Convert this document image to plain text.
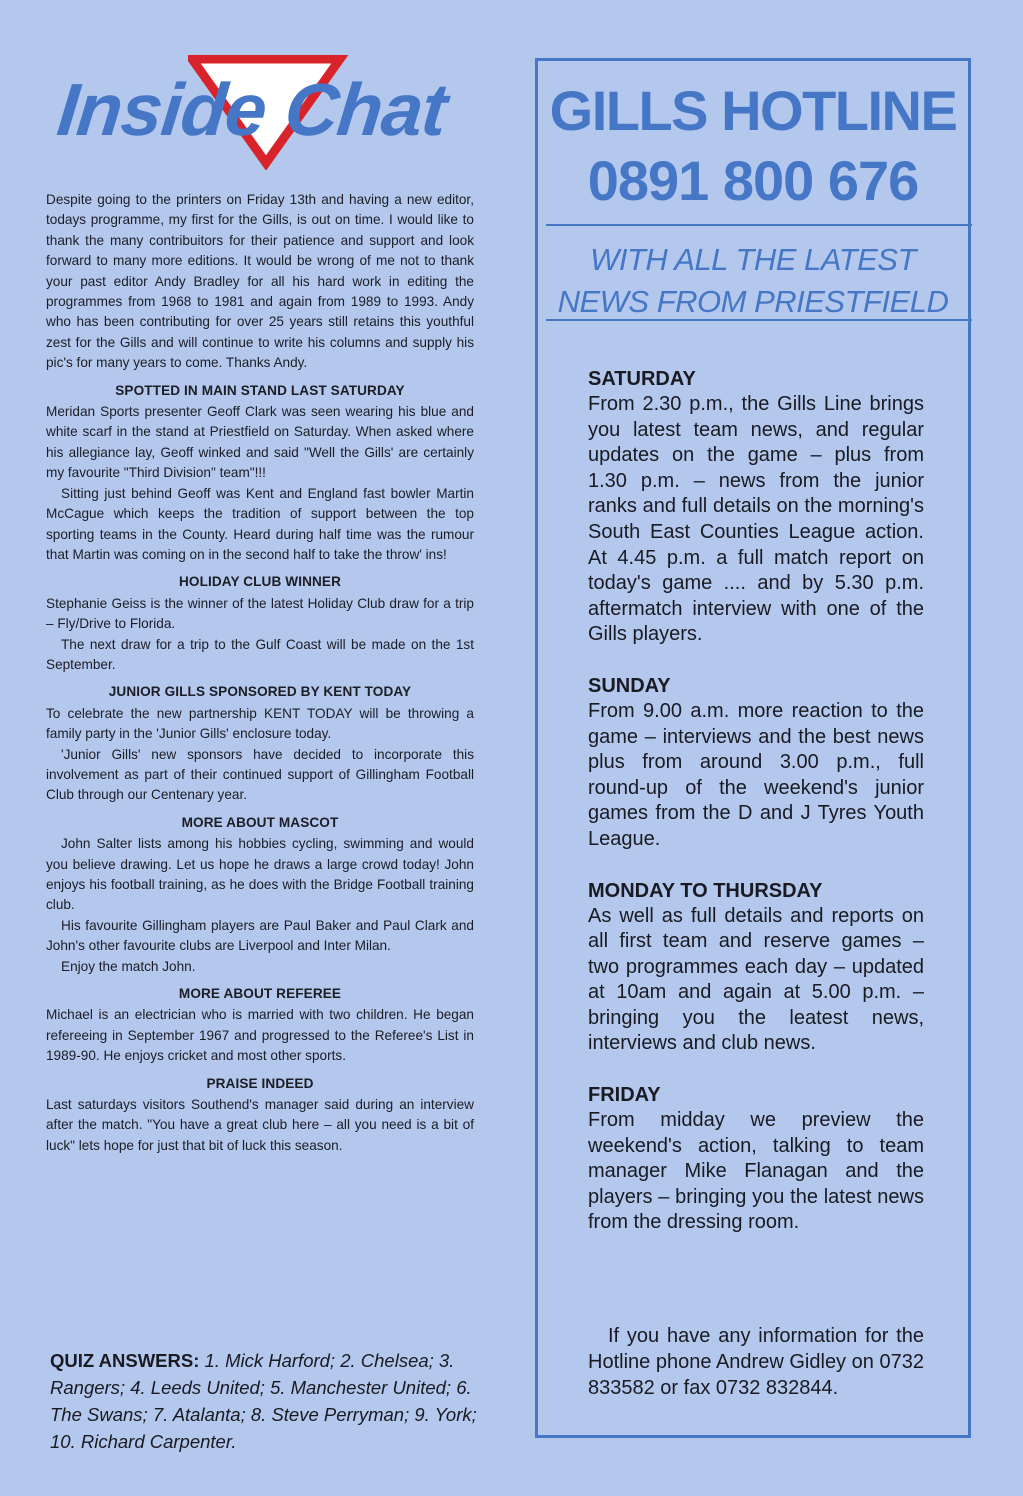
Inside Chat

Despite going to the printers on Friday 13th and having a new editor, todays programme, my first for the Gills, is out on time. I would like to thank the many contribuitors for their patience and support and look forward to many more editions. It would be wrong of me not to thank your past editor Andy Bradley for all his hard work in editing the programmes from 1968 to 1981 and again from 1989 to 1993. Andy who has been contributing for over 25 years still retains this youthful zest for the Gills and will continue to write his columns and supply his pic's for many years to come. Thanks Andy.

SPOTTED IN MAIN STAND LAST SATURDAY

Meridan Sports presenter Geoff Clark was seen wearing his blue and white scarf in the stand at Priestfield on Saturday. When asked where his allegiance lay, Geoff winked and said "Well the Gills' are certainly my favourite "Third Division" team"!!!

Sitting just behind Geoff was Kent and England fast bowler Martin McCague which keeps the tradition of support between the top sporting teams in the County. Heard during half time was the rumour that Martin was coming on in the second half to take the throw' ins!

HOLIDAY CLUB WINNER

Stephanie Geiss is the winner of the latest Holiday Club draw for a trip – Fly/Drive to Florida.

The next draw for a trip to the Gulf Coast will be made on the 1st September.

JUNIOR GILLS SPONSORED BY KENT TODAY

To celebrate the new partnership KENT TODAY will be throwing a family party in the 'Junior Gills' enclosure today.

'Junior Gills' new sponsors have decided to incorporate this involvement as part of their continued support of Gillingham Football Club through our Centenary year.

MORE ABOUT MASCOT

John Salter lists among his hobbies cycling, swimming and would you believe drawing. Let us hope he draws a large crowd today! John enjoys his football training, as he does with the Bridge Football training club.

His favourite Gillingham players are Paul Baker and Paul Clark and John's other favourite clubs are Liverpool and Inter Milan.

Enjoy the match John.

MORE ABOUT REFEREE

Michael is an electrician who is married with two children. He began refereeing in September 1967 and progressed to the Referee's List in 1989-90. He enjoys cricket and most other sports.

PRAISE INDEED

Last saturdays visitors Southend's manager said during an interview after the match. "You have a great club here – all you need is a bit of luck" lets hope for just that bit of luck this season.

QUIZ ANSWERS: 1. Mick Harford; 2. Chelsea; 3. Rangers; 4. Leeds United; 5. Manchester United; 6. The Swans; 7. Atalanta; 8. Steve Perryman; 9. York; 10. Richard Carpenter.
GILLS HOTLINE
0891 800 676
WITH ALL THE LATEST
NEWS FROM PRIESTFIELD
SATURDAY

From 2.30 p.m., the Gills Line brings you latest team news, and regular updates on the game – plus from 1.30 p.m. – news from the junior ranks and full details on the morning's South East Counties League action. At 4.45 p.m. a full match report on today's game .... and by 5.30 p.m. aftermatch interview with one of the Gills players.

SUNDAY

From 9.00 a.m. more reaction to the game – interviews and the best news plus from around 3.00 p.m., full round-up of the weekend's junior games from the D and J Tyres Youth League.

MONDAY TO THURSDAY

As well as full details and reports on all first team and reserve games – two programmes each day – updated at 10am and again at 5.00 p.m. – bringing you the leatest news, interviews and club news.

FRIDAY

From midday we preview the weekend's action, talking to team manager Mike Flanagan and the players – bringing you the latest news from the dressing room.

If you have any information for the Hotline phone Andrew Gidley on 0732 833582 or fax 0732 832844.
